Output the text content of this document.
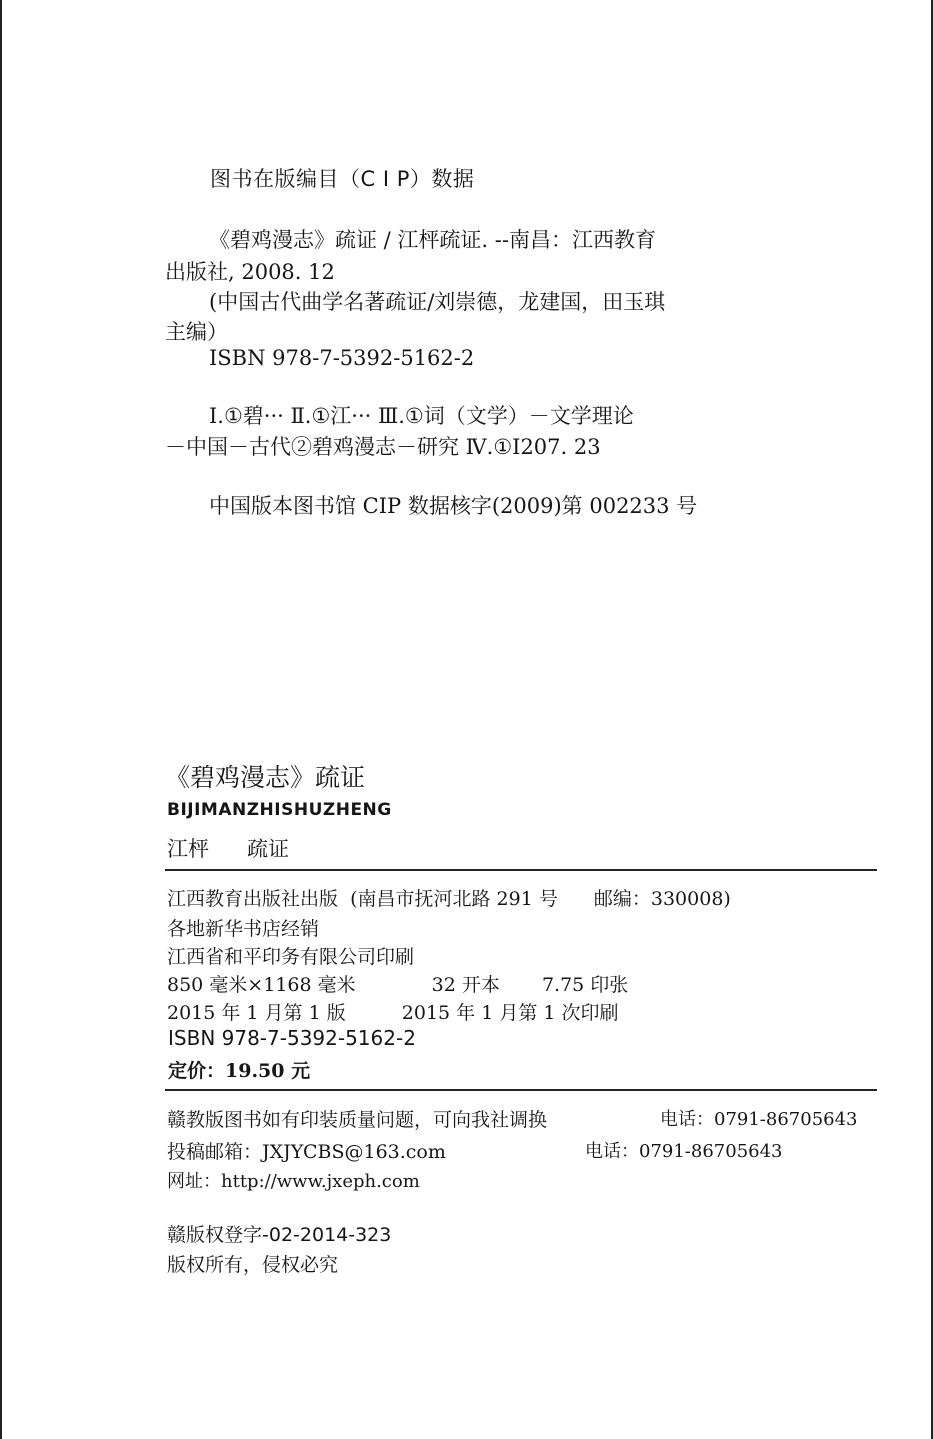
图书在版编目（C I P）数据
《碧鸡漫志》疏证 / 江枰疏证. --南昌：江西教育
出版社, 2008. 12
(中国古代曲学名著疏证/刘崇德，龙建国，田玉琪
主编）
ISBN 978-7-5392-5162-2
Ⅰ.①碧··· Ⅱ.①江··· Ⅲ.①词（文学）－文学理论
－中国－古代②碧鸡漫志－研究 Ⅳ.①I207. 23
中国版本图书馆 CIP 数据核字(2009)第 002233 号
《碧鸡漫志》疏证
BIJIMANZHISHUZHENG
江枰 疏证
江西教育出版社出版 (南昌市抚河北路 291 号 邮编：330008)
各地新华书店经销
江西省和平印务有限公司印刷
850 毫米×1168 毫米	32 开本 7.75 印张
2015 年 1 月第 1 版	2015 年 1 月第 1 次印刷
ISBN 978-7-5392-5162-2
定价：19.50 元
赣教版图书如有印装质量问题，可向我社调换	电话：0791-86705643
投稿邮箱：JXJYCBS@163.com	电话：0791-86705643
网址：http://www.jxeph.com
赣版权登字-02-2014-323
版权所有，侵权必究
